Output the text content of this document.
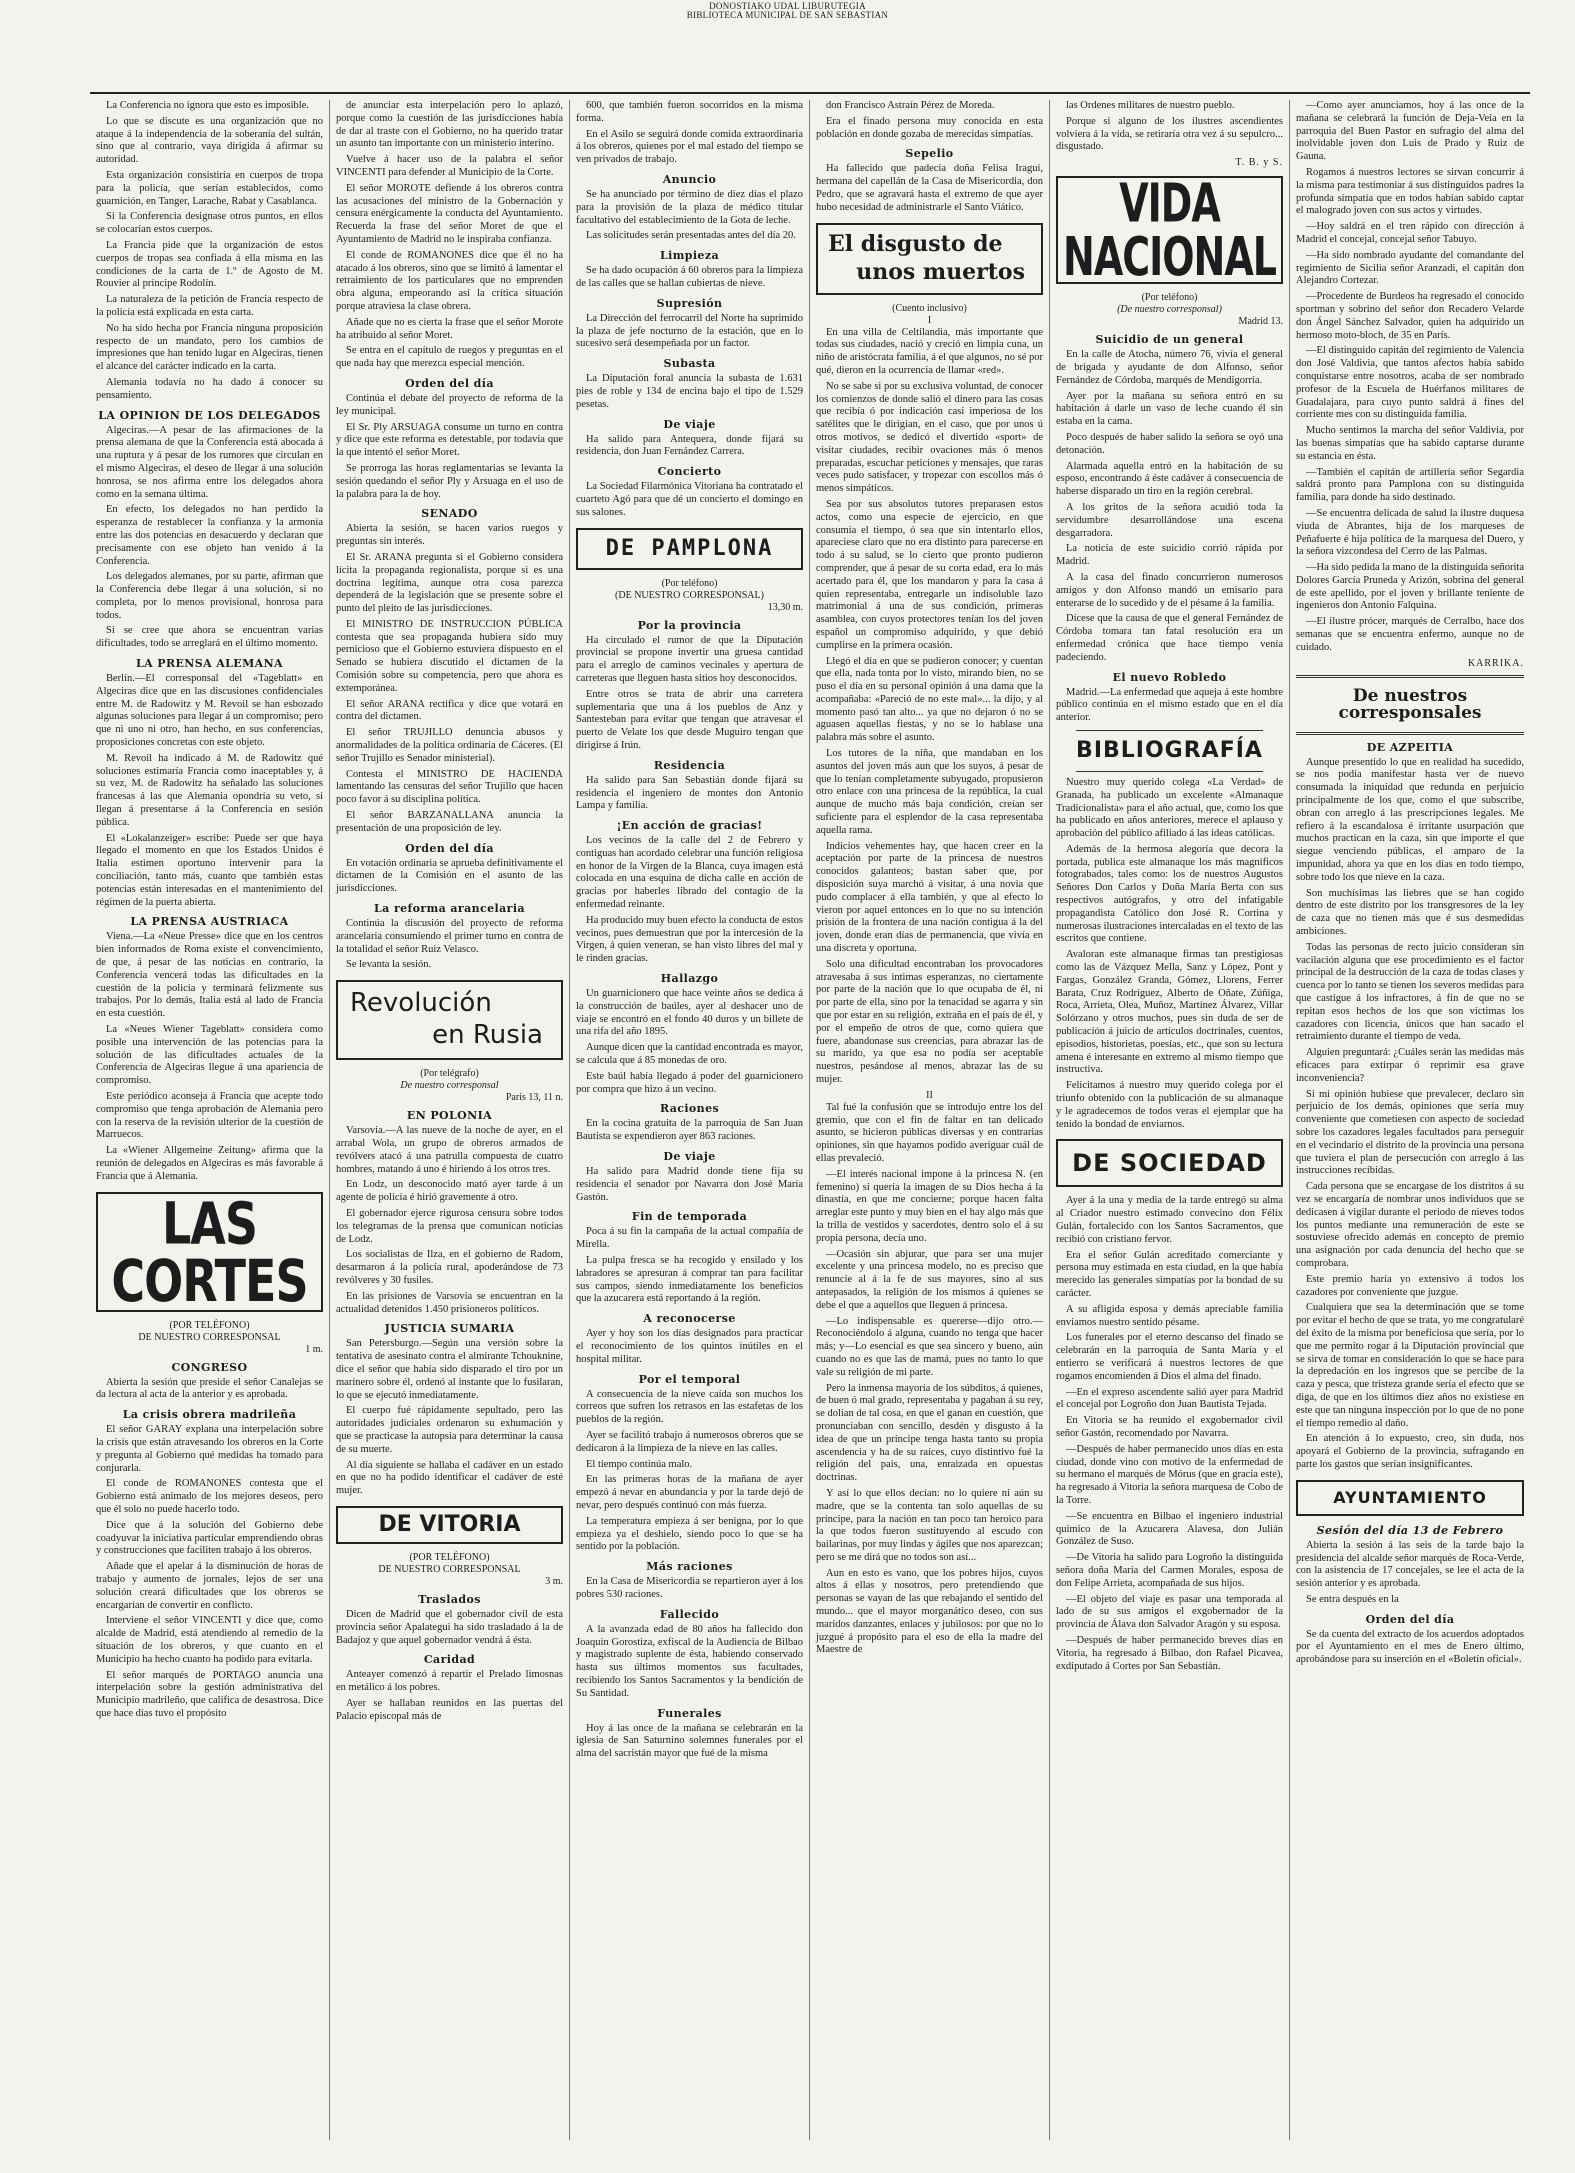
DONOSTIAKO UDAL LIBURUTEGIA
BIBLIOTECA MUNICIPAL DE SAN SEBASTIAN

La Conferencia no ignora que esto es imposible.

Lo que se discute es una organización que no ataque á la independencia de la soberanía del sultán, sino que al contrario, vaya dirigida á afirmar su autoridad.

Esta organización consistiría en cuerpos de tropa para la policía, que serían establecidos, como guarnición, en Tanger, Larache, Rabat y Casablanca.

Si la Conferencia designase otros puntos, en ellos se colocarían estos cuerpos.

La Francia pide que la organización de estos cuerpos de tropas sea confiada á ella misma en las condiciones de la carta de 1.º de Agosto de M. Rouvier al príncipe Rodolín.

La naturaleza de la petición de Francia respecto de la policía está explicada en esta carta.

No ha sido hecha por Francia ninguna proposición respecto de un mandato, pero los cambios de impresiones que han tenido lugar en Algeciras, tienen el alcance del carácter indicado en la carta.

Alemania todavía no ha dado á conocer su pensamiento.

LA OPINION DE LOS DELEGADOS

Algeciras.—A pesar de las afirmaciones de la prensa alemana de que la Conferencia está abocada á una ruptura y á pesar de los rumores que circulan en el mismo Algeciras, el deseo de llegar á una solución honrosa, se nos afirma entre los delegados ahora como en la semana última.

En efecto, los delegados no han perdido la esperanza de restablecer la confianza y la armonía entre las dos potencias en desacuerdo y declaran que precisamente con ese objeto han venido á la Conferencia.

Los delegados alemanes, por su parte, afirman que la Conferencia debe llegar á una solución, si no completa, por lo menos provisional, honrosa para todos.

Si se cree que ahora se encuentran varias dificultades, todo se arreglará en el último momento.

LA PRENSA ALEMANA

Berlín.—El corresponsal del «Tageblatt» en Algeciras dice que en las discusiones confidenciales entre M. de Radowitz y M. Revoil se han esbozado algunas soluciones para llegar á un compromiso; pero que ni uno ni otro, han hecho, en sus conferencias, proposiciones concretas con este objeto.

M. Revoil ha indicado á M. de Radowitz qué soluciones estimaría Francia como inaceptables y, á su vez, M. de Radowitz ha señalado las soluciones francesas á las que Alemania opondría su veto, si llegan á presentarse á la Conferencia en sesión pública.

El «Lokalanzeiger» escribe: Puede ser que haya llegado el momento en que los Estados Unidos é Italia estimen oportuno intervenir para la conciliación, tanto más, cuanto que también estas potencias están interesadas en el mantenimiento del régimen de la puerta abierta.

LA PRENSA AUSTRIACA

Viena.—La «Neue Presse» dice que en los centros bien informados de Roma existe el convencimiento, de que, á pesar de las noticias en contrario, la Conferencia vencerá todas las dificultades en la cuestión de la policía y terminará felizmente sus trabajos. Por lo demás, Italia está al lado de Francia en esta cuestión.

La «Neues Wiener Tageblatt» considera como posible una intervención de las potencias para la solución de las dificultades actuales de la Conferencia de Algeciras llegue á una apariencia de compromiso.

Este periódico aconseja á Francia que acepte todo compromiso que tenga aprobación de Alemania pero con la reserva de la revisión ulterior de la cuestión de Marruecos.

La «Wiener Allgemeine Zeitung» afirma que la reunión de delegados en Algeciras es más favorable á Francia que á Alemania.

LAS CORTES
(POR TELÉFONO)
DE NUESTRO CORRESPONSAL
1 m.
CONGRESO

Abierta la sesión que preside el señor Canalejas se da lectura al acta de la anterior y es aprobada.

La crisis obrera madrileña

El señor GARAY explana una interpelación sobre la crisis que están atravesando los obreros en la Corte y pregunta al Gobierno qué medidas ha tomado para conjurarla.

El conde de ROMANONES contesta que el Gobierno está animado de los mejores deseos, pero que él solo no puede hacerlo todo.

Dice que á la solución del Gobierno debe coadyuvar la iniciativa particular emprendiendo obras y construcciones que faciliten trabajo á los obreros.

Añade que el apelar á la disminución de horas de trabajo y aumento de jornales, lejos de ser una solución creará dificultades que los obreros se encargarían de convertir en conflicto.

Interviene el señor VINCENTI y dice que, como alcalde de Madrid, está atendiendo al remedio de la situación de los obreros, y que cuanto en el Municipio ha hecho cuanto ha podido para evitarla.

El señor marqués de PORTAGO anuncia una interpelación sobre la gestión administrativa del Municipio madrileño, que califica de desastrosa. Dice que hace días tuvo el propósito

de anunciar esta interpelación pero lo aplazó, porque como la cuestión de las jurisdicciones había de dar al traste con el Gobierno, no ha querido tratar un asunto tan importante con un ministerio interino.

Vuelve á hacer uso de la palabra el señor VINCENTI para defender al Municipio de la Corte.

El señor MOROTE defiende á los obreros contra las acusaciones del ministro de la Gobernación y censura enérgicamente la conducta del Ayuntamiento. Recuerda la frase del señor Moret de que el Ayuntamiento de Madrid no le inspiraba confianza.

El conde de ROMANONES dice que él no ha atacado á los obreros, sino que se limitó á lamentar el retraimiento de los particulares que no emprenden obra alguna, empeorando así la crítica situación porque atraviesa la clase obrera.

Añade que no es cierta la frase que el señor Morote ha atribuido al señor Moret.

Se entra en el capítulo de ruegos y preguntas en el que nada hay que merezca especial mención.

Orden del día

Continúa el debate del proyecto de reforma de la ley municipal.

El Sr. Ply ARSUAGA consume un turno en contra y dice que este reforma es detestable, por todavía que la que intentó el señor Moret.

Se prorroga las horas reglamentarias se levanta la sesión quedando el señor Ply y Arsuaga en el uso de la palabra para la de hoy.

SENADO

Abierta la sesión, se hacen varios ruegos y preguntas sin interés.

El Sr. ARANA pregunta si el Gobierno considera lícita la propaganda regionalista, porque si es una doctrina legítima, aunque otra cosa parezca dependerá de la legislación que se presente sobre el punto del pleito de las jurisdicciones.

El MINISTRO DE INSTRUCCION PÚBLICA contesta que sea propaganda hubiera sido muy pernicioso que el Gobierno estuviera dispuesto en el Senado se hubiera discutido el dictamen de la Comisión sobre su competencia, pero que ahora es extemporánea.

El señor ARANA rectifica y dice que votará en contra del dictamen.

El señor TRUJILLO denuncia abusos y anormalidades de la política ordinaria de Cáceres. (El señor Trujillo es Senador ministerial).

Contesta el MINISTRO DE HACIENDA lamentando las censuras del señor Trujillo que hacen poco favor á su disciplina política.

El señor BARZANALLANA anuncia la presentación de una proposición de ley.

Orden del día

En votación ordinaria se aprueba definitivamente el dictamen de la Comisión en el asunto de las jurisdicciones.

La reforma arancelaria

Continúa la discusión del proyecto de reforma arancelaria consumiendo el primer turno en contra de la totalidad el señor Ruiz Velasco.

Se levanta la sesión.

Revolución
en Rusia
(Por telégrafo)
De nuestro corresponsal
Paris 13, 11 n.
EN POLONIA

Varsovia.—A las nueve de la noche de ayer, en el arrabal Wola, un grupo de obreros armados de revólvers atacó á una patrulla compuesta de cuatro hombres, matando á uno é hiriendo á los otros tres.

En Lodz, un desconocido mató ayer tarde á un agente de policía é hirió gravemente á otro.

El gobernador ejerce rigurosa censura sobre todos los telegramas de la prensa que comunican noticias de Lodz.

Los socialistas de Ilza, en el gobierno de Radom, desarmaron á la policía rural, apoderándose de 73 revólveres y 30 fusiles.

En las prisiones de Varsovia se encuentran en la actualidad detenidos 1.450 prisioneros políticos.

JUSTICIA SUMARIA

San Petersburgo.—Según una versión sobre la tentativa de asesinato contra el almirante Tchouknine, dice el señor que había sido disparado el tiro por un marinero sobre él, ordenó al instante que lo fusilaran, lo que se ejecutó inmediatamente.

El cuerpo fué rápidamente sepultado, pero las autoridades judiciales ordenaron su exhumación y que se practicase la autopsia para determinar la causa de su muerte.

Al día siguiente se hallaba el cadáver en un estado en que no ha podido identificar el cadáver de esté mujer.

DE VITORIA
(POR TELÉFONO)
DE NUESTRO CORRESPONSAL
3 m.
Traslados

Dicen de Madrid que el gobernador civil de esta provincia señor Apalategui ha sido trasladado á la de Badajoz y que aquel gobernador vendrá á ésta.

Caridad

Anteayer comenzó á repartir el Prelado limosnas en metálico á los pobres.

Ayer se hallaban reunidos en las puertas del Palacio episcopal más de

600, que también fueron socorridos en la misma forma.

En el Asilo se seguirá donde comida extraordinaria á los obreros, quienes por el mal estado del tiempo se ven privados de trabajo.

Anuncio

Se ha anunciado por término de diez días el plazo para la provisión de la plaza de médico titular facultativo del establecimiento de la Gota de leche.

Las solicitudes serán presentadas antes del día 20.

Limpieza

Se ha dado ocupación á 60 obreros para la limpieza de las calles que se hallan cubiertas de nieve.

Supresión

La Dirección del ferrocarril del Norte ha suprimido la plaza de jefe nocturno de la estación, que en lo sucesivo será desempeñada por un factor.

Subasta

La Diputación foral anuncia la subasta de 1.631 pies de roble y 134 de encina bajo el tipo de 1.529 pesetas.

De viaje

Ha salido para Antequera, donde fijará su residencia, don Juan Fernández Carrera.

Concierto

La Sociedad Filarmónica Vitoriana ha contratado el cuarteto Agó para que dé un concierto el domingo en sus salones.

DE PAMPLONA
(Por teléfono)
(DE NUESTRO CORRESPONSAL)
13,30 m.
Por la provincia

Ha circulado el rumor de que la Diputación provincial se propone invertir una gruesa cantidad para el arreglo de caminos vecinales y apertura de carreteras que lleguen hasta sitios hoy desconocidos.

Entre otros se trata de abrir una carretera suplementaria que una á los pueblos de Anz y Santesteban para evitar que tengan que atravesar el puerto de Velate los que desde Muguiro tengan que dirigirse á Irún.

Residencia

Ha salido para San Sebastián donde fijará su residencia el ingeniero de montes don Antonio Lampa y familia.

¡En acción de gracias!

Los vecinos de la calle del 2 de Febrero y contiguas han acordado celebrar una función religiosa en honor de la Virgen de la Blanca, cuya imagen está colocada en una esquina de dicha calle en acción de gracias por haberles librado del contagio de la enfermedad reinante.

Ha producido muy buen efecto la conducta de estos vecinos, pues demuestran que por la intercesión de la Virgen, á quien veneran, se han visto libres del mal y le rinden gracias.

Hallazgo

Un guarnicionero que hace veinte años se dedica á la construcción de baúles, ayer al deshacer uno de viaje se encontró en el fondo 40 duros y un billete de una rifa del año 1895.

Aunque dicen que la cantidad encontrada es mayor, se calcula que á 85 monedas de oro.

Este baúl había llegado á poder del guarnicionero por compra que hizo á un vecino.

Raciones

En la cocina gratuita de la parroquia de San Juan Bautista se expendieron ayer 863 raciones.

De viaje

Ha salido para Madrid donde tiene fija su residencia el senador por Navarra don José María Gastón.

Fin de temporada

Poca á su fin la campaña de la actual compañía de Mirella.

La pulpa fresca se ha recogido y ensilado y los labradores se apresuran á comprar tan para facilitar sus campos, siendo inmediatamente los beneficios que la azucarera está reportando á la región.

A reconocerse

Ayer y hoy son los días designados para practicar el reconocimiento de los quintos inútiles en el hospital militar.

Por el temporal

A consecuencia de la nieve caída son muchos los correos que sufren los retrasos en las estafetas de los pueblos de la región.

Ayer se facilitó trabajo á numerosos obreros que se dedicaron á la limpieza de la nieve en las calles.

El tiempo continúa malo.

En las primeras horas de la mañana de ayer empezó á nevar en abundancia y por la tarde dejó de nevar, pero después continuó con más fuerza.

La temperatura empieza á ser benigna, por lo que empieza ya el deshielo, siendo poco lo que se ha sentido por la población.

Más raciones

En la Casa de Misericordia se repartieron ayer á los pobres 530 raciones.

Fallecido

A la avanzada edad de 80 años ha fallecido don Joaquín Gorostiza, exfiscal de la Audiencia de Bilbao y magistrado suplente de ésta, habiendo conservado hasta sus últimos momentos sus facultades, recibiendo los Santos Sacramentos y la bendición de Su Santidad.

Funerales

Hoy á las once de la mañana se celebrarán en la iglesia de San Saturnino solemnes funerales por el alma del sacristán mayor que fué de la misma

don Francisco Astraín Pérez de Moreda.

Era el finado persona muy conocida en esta población en donde gozaba de merecidas simpatías.

Sepelio

Ha fallecido que padecía doña Felisa Iraguí, hermana del capellán de la Casa de Misericordia, don Pedro, que se agravará hasta el extremo de que ayer hubo necesidad de administrarle el Santo Viático.

El disgusto de
unos muertos
(Cuento inclusivo)
I

En una villa de Celtilandia, más importante que todas sus ciudades, nació y creció en limpia cuna, un niño de aristócrata familia, á el que algunos, no sé por qué, dieron en la ocurrencia de llamar «red».

No se sabe si por su exclusiva voluntad, de conocer los comienzos de donde salió el dinero para las cosas que recibía ó por indicación casi imperiosa de los satélites que le dirigían, en el caso, que por unos ú otros motivos, se dedicó el divertido «sport» de visitar ciudades, recibir ovaciones más ó menos preparadas, escuchar peticiones y mensajes, que raras veces pudo satisfacer, y tropezar con escollos más ó menos simpáticos.

Sea por sus absolutos tutores preparasen estos actos, como una especie de ejercicio, en que consumía el tiempo, ó sea que sin intentarlo ellos, apareciese claro que no era distinto para parecerse en todo á su salud, se lo cierto que pronto pudieron comprender, que á pesar de su corta edad, era lo más acertado para él, que los mandaron y para la casa á quien representaba, entregarle un indisoluble lazo matrimonial á una de sus condición, primeras asamblea, con cuyos protectores tenían los del joven español un compromiso adquirido, y que debió cumplirse en la primera ocasión.

Llegó el día en que se pudieron conocer; y cuentan que ella, nada tonta por lo visto, mirando bien, no se puso el día en su personal opinión á una dama que la acompañaba: «Pareció de no este mal»... la dijo, y al momento pasó tan alto... ya que no dejaron ó no se aguasen aquellas fiestas, y no se lo hablase una palabra más sobre el asunto.

Los tutores de la niña, que mandaban en los asuntos del joven más aun que los suyos, á pesar de que lo tenían completamente subyugado, propusieron otro enlace con una princesa de la república, la cual aunque de mucho más baja condición, creían ser suficiente para el esplendor de la casa representaba aquella rama.

Indicios vehementes hay, que hacen creer en la aceptación por parte de la princesa de nuestros conocidos galanteos; bastan saber que, por disposición suya marchó á visitar, á una novia que pudo complacer á ella también, y que al efecto lo vieron por aquel entonces en lo que no su intención prisión de la frontera de una nación contigua á la del joven, donde eran días de permanencia, que vivía en una discreta y oportuna.

Solo una dificultad encontraban los provocadores atravesaba á sus intimas esperanzas, no ciertamente por parte de la nación que lo que ocupaba de él, ni por parte de ella, sino por la tenacidad se agarra y sin que por estar en su religión, extraña en el país de él, y por el empeño de otros de que, como quiera que fuere, abandonase sus creencias, para abrazar las de su marido, ya que esa no podía ser aceptable nuestros, pesándose al menos, abrazar las de su mujer.

II

Tal fué la confusión que se introdujo entre los del gremio, que con el fin de faltar en tan delicado asunto, se hicieron públicas diversas y en contrarias opiniones, sin que hayamos podido averiguar cuál de ellas prevaleció.

—El interés nacional impone á la princesa N. (en femenino) si quería la imagen de su Dios hecha á la dinastía, en que me concierne; porque hacen falta arreglar este punto y muy bien en el hay algo más que la trilla de vestidos y sacerdotes, dentro solo el á su propia persona, decía uno.

—Ocasión sin abjurar, que para ser una mujer excelente y una princesa modelo, no es preciso que renuncie al á la fe de sus mayores, sino al sus antepasados, la religión de los mismos á quienes se debe el que a aquellos que lleguen á princesa.

—Lo indispensable es quererse—dijo otro.—Reconociéndolo á alguna, cuando no tenga que hacer más; y—Lo esencial es que sea sincero y bueno, aún cuando no es que las de mamá, pues no tanto lo que vale su religión de mi parte.

Pero la inmensa mayoría de los súbditos, á quienes, de buen ó mal grado, representaba y pagaban á su rey, se dolían de tal cosa, en que el ganan en cuestión, que pronunciaban con sencillo, desdén y disgusto á la idea de que un príncipe tenga hasta tanto su propia ascendencia y ha de su raíces, cuyo distintivo fué la religión del país, una, enraizada en opuestas doctrinas.

Y así lo que ellos decían: no lo quiere ni aún su madre, que se la contenta tan solo aquellas de su príncipe, para la nación en tan poco tan heroico para la que todos fueron sustituyendo al escudo con bailarinas, por muy lindas y ágiles que nos aparezcan; pero se me dirá que no todos son así...

Aun en esto es vano, que los pobres hijos, cuyos altos á ellas y nosotros, pero pretendiendo que personas se vayan de las que rebajando el sentido del mundo... que el mayor morganático deseo, con sus maridos danzantes, enlaces y jubilosos: por que no lo juzgué á propósito para el eso de ella la madre del Maestre de

las Órdenes militares de nuestro pueblo.

Porque si alguno de los ilustres ascendientes volviera á la vida, se retiraría otra vez á su sepulcro... disgustado.

T. B. y S.
VIDA NACIONAL
(Por teléfono)
(De nuestro corresponsal)
Madrid 13.
Suicidio de un general

En la calle de Atocha, número 76, vivía el general de brigada y ayudante de don Alfonso, señor Fernández de Córdoba, marqués de Mendigorría.

Ayer por la mañana su señora entró en su habitación á darle un vaso de leche cuando él sin estaba en la cama.

Poco después de haber salido la señora se oyó una detonación.

Alarmada aquella entró en la habitación de su esposo, encontrando á éste cadáver á consecuencia de haberse disparado un tiro en la región cerebral.

A los gritos de la señora acudió toda la servidumbre desarrollándose una escena desgarradora.

La noticia de este suicidio corrió rápida por Madrid.

A la casa del finado concurrieron numerosos amigos y don Alfonso mandó un emisario para enterarse de lo sucedido y de el pésame á la familia.

Dícese que la causa de que el general Fernández de Córdoba tomara tan fatal resolución era un enfermedad crónica que hace tiempo venía padeciendo.

El nuevo Robledo

Madrid.—La enfermedad que aqueja á este hombre público continúa en el mismo estado que en el día anterior.

BIBLIOGRAFÍA

Nuestro muy querido colega «La Verdad» de Granada, ha publicado un excelente «Almanaque Tradicionalista» para el año actual, que, como los que ha publicado en años anteriores, merece el aplauso y aprobación del público afiliado á las ideas católicas.

Además de la hermosa alegoría que decora la portada, publica este almanaque los más magníficos fotograbados, tales como: los de nuestros Augustos Señores Don Carlos y Doña María Berta con sus respectivos autógrafos, y otro del infatigable propagandista Católico don José R. Cortina y numerosas ilustraciones intercaladas en el texto de las escritos que contiene.

Avaloran este almanaque firmas tan prestigiosas como las de Vázquez Mella, Sanz y López, Pont y Fargas, González Granda, Gómez, Llorens, Ferrer Barata, Cruz Rodríguez, Alberto de Oñate, Zúñiga, Roca, Arrieta, Olea, Muñoz, Martínez Álvarez, Villar Solórzano y otros muchos, pues sin duda de ser de publicación á juicio de artículos doctrinales, cuentos, episodios, historietas, poesías, etc., que son su lectura amena é interesante en extremo al mismo tiempo que instructiva.

Felicitamos á nuestro muy querido colega por el triunfo obtenido con la publicación de su almanaque y le agradecemos de todos veras el ejemplar que ha tenido la bondad de enviarnos.

DE SOCIEDAD

Ayer á la una y media de la tarde entregó su alma al Criador nuestro estimado convecino don Félix Gulán, fortalecido con los Santos Sacramentos, que recibió con cristiano fervor.

Era el señor Gulán acreditado comerciante y persona muy estimada en esta ciudad, en la que había merecido las generales simpatías por la bondad de su carácter.

A su afligida esposa y demás apreciable familia enviamos nuestro sentido pésame.

Los funerales por el eterno descanso del finado se celebrarán en la parroquia de Santa María y el entierro se verificará á nuestros lectores de que rogamos encomienden á Dios el alma del finado.

—En el expreso ascendente salió ayer para Madrid el concejal por Logroño don Juan Bautista Tejada.

En Vitoria se ha reunido el exgobernador civil señor Gastón, recomendado por Navarra.

—Después de haber permanecido unos días en esta ciudad, donde vino con motivo de la enfermedad de su hermano el marqués de Mórus (que en gracia este), ha regresado á Vitoria la señora marquesa de Cobo de la Torre.

—Se encuentra en Bilbao el ingeniero industrial químico de la Azucarera Alavesa, don Julián González de Suso.

—De Vitoria ha salido para Logroño la distinguida señora doña María del Carmen Morales, esposa de don Felipe Arrieta, acompañada de sus hijos.

—El objeto del viaje es pasar una temporada al lado de su sus amigos el exgobernador de la provincia de Álava don Salvador Aragón y su esposa.

—Después de haber permanecido breves días en Vitoria, ha regresado á Bilbao, don Rafael Picavea, exdiputado á Cortes por San Sebastián.

—Como ayer anunciamos, hoy á las once de la mañana se celebrará la función de Deja-Veia en la parroquia del Buen Pastor en sufragio del alma del inolvidable joven don Luis de Prado y Ruiz de Gauna.

Rogamos á nuestros lectores se sirvan concurrir á la misma para testimoniar á sus distinguidos padres la profunda simpatía que en todos habían sabido captar el malogrado joven con sus actos y virtudes.

—Hoy saldrá en el tren rápido con dirección á Madrid el concejal, concejal señor Tabuyo.

—Ha sido nombrado ayudante del comandante del regimiento de Sicilia señor Aranzadi, el capitán don Alejandro Cortezar.

—Procedente de Burdeos ha regresado el conocido sportman y sobrino del señor don Recadero Velarde don Ángel Sánchez Salvador, quien ha adquirido un hermoso moto-bloch, de 35 en París.

—El distinguido capitán del regimiento de Valencia don José Valdivia, que tantos afectos había sabido conquistarse entre nosotros, acaba de ser nombrado profesor de la Escuela de Huérfanos militares de Guadalajara, para cuyo punto saldrá á fines del corriente mes con su distinguida familia.

Mucho sentimos la marcha del señor Valdivia, por las buenas simpatías que ha sabido captarse durante su estancia en ésta.

—También el capitán de artillería señor Segardia saldrá pronto para Pamplona con su distinguida familia, para donde ha sido destinado.

—Se encuentra delicada de salud la ilustre duquesa viuda de Abrantes, hija de los marqueses de Peñafuerte é hija política de la marquesa del Duero, y la señora vizcondesa del Cerro de las Palmas.

—Ha sido pedida la mano de la distinguida señorita Dolores García Pruneda y Arizón, sobrina del general de este apellido, por el joven y brillante teniente de ingenieros don Antonio Falquina.

—El ilustre prócer, marqués de Cerralbo, hace dos semanas que se encuentra enfermo, aunque no de cuidado.

KARRIKA.
De nuestros corresponsales
DE AZPEITIA

Aunque presentido lo que en realidad ha sucedido, se nos podía manifestar hasta ver de nuevo consumada la iniquidad que redunda en perjuicio principalmente de los que, como el que subscribe, obran con arreglo á las prescripciones legales. Me refiero á la escandalosa é irritante usurpación que muchos practican en la caza, sin que importe el que siegue venciendo públicas, el amparo de la impunidad, ahora ya que en los días en todo tiempo, sobre todo los que nieve en la caza.

Son muchísimas las liebres que se han cogido dentro de este distrito por los transgresores de la ley de caza que no tienen más que é sus desmedidas ambiciones.

Todas las personas de recto juicio consideran sin vacilación alguna que ese procedimiento es el factor principal de la destrucción de la caza de todas clases y cuenca por lo tanto se tienen los severos medidas para que castigue á los infractores, á fin de que no se repitan esos hechos de los que son víctimas los cazadores con licencia, únicos que han sacado el retraimiento durante el tiempo de veda.

Alguien preguntará: ¿Cuáles serán las medidas más eficaces para extirpar ó reprimir esa grave inconveniencia?

Si mi opinión hubiese que prevalecer, declaro sin perjuicio de los demás, opiniones que sería muy conveniente que cometiesen con aspecto de sociedad sobre los cazadores legales facultados para perseguir en el vecindario el distrito de la provincia una persona que tuviera el plan de persecución con arreglo á las instrucciones recibidas.

Cada persona que se encargase de los distritos á su vez se encargaría de nombrar unos individuos que se dedicasen á vigilar durante el periodo de nieves todos los puntos mediante una remuneración de este se sostuviese ofrecido además en concepto de premio una asignación por cada denuncia del hecho que se comprobara.

Este premio haría yo extensivo á todos los cazadores por conveniente que juzgue.

Cualquiera que sea la determinación que se tome por evitar el hecho de que se trata, yo me congratularé del éxito de la misma por beneficiosa que sería, por lo que me permito rogar á la Diputación provincial que se sirva de tomar en consideración lo que se hace para la depredación en los ingresos que se percibe de la caza y pesca, que tristeza grande sería el efecto que se diga, de que en los últimos diez años no existiese en este que tan ninguna inspección por lo que de no pone el tiempo remedio al daño.

En atención á lo expuesto, creo, sin duda, nos apoyará el Gobierno de la provincia, sufragando en parte los gastos que serían insignificantes.

AYUNTAMIENTO
Sesión del día 13 de Febrero

Abierta la sesión á las seis de la tarde bajo la presidencia del alcalde señor marqués de Roca-Verde, con la asistencia de 17 concejales, se lee el acta de la sesión anterior y es aprobada.

Se entra después en la

Orden del día

Se da cuenta del extracto de los acuerdos adoptados por el Ayuntamiento en el mes de Enero último, aprobándose para su inserción en el «Boletín oficial».
